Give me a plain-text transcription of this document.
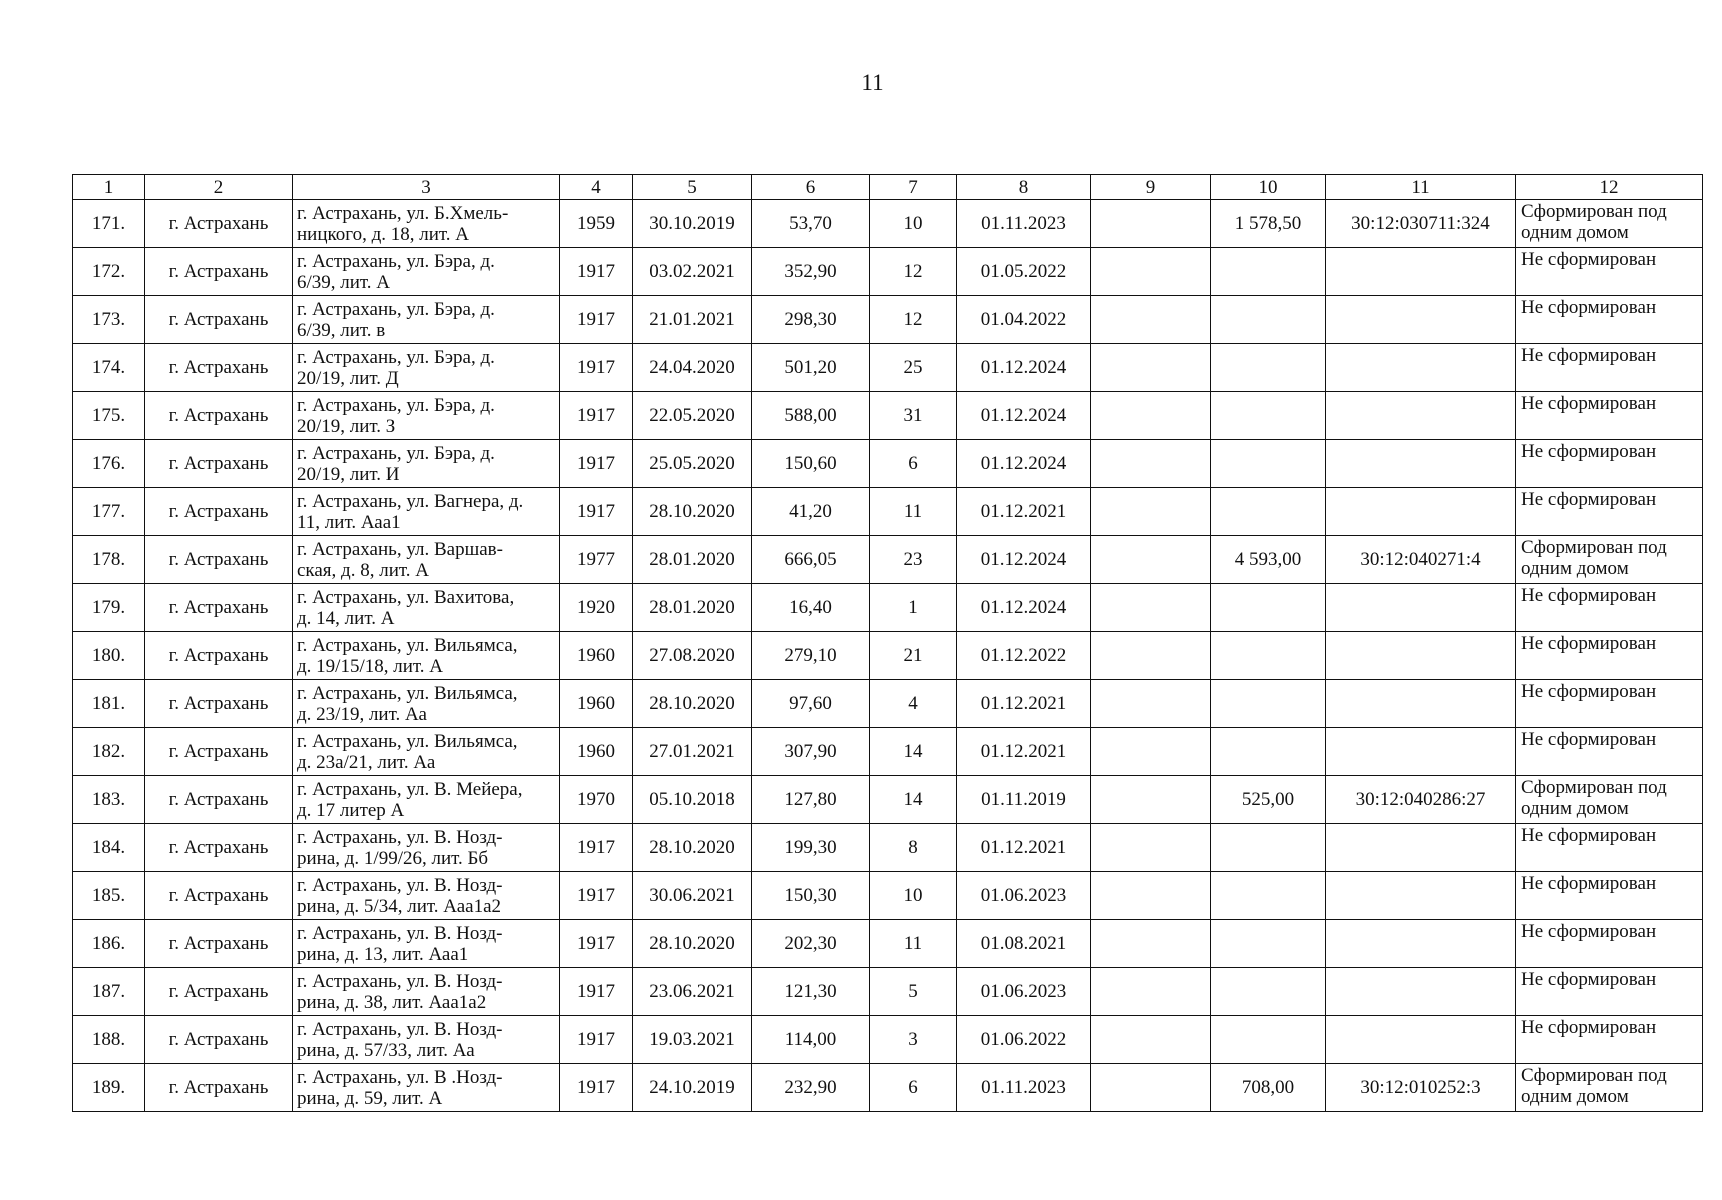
11
1	2	3	4	5	6	7	8	9	10	11	12
171.	г. Астрахань	г. Астрахань, ул. Б.Хмель-
ницкого, д. 18, лит. А	1959	30.10.2019	53,70	10	01.11.2023		1 578,50	30:12:030711:324	Сформирован под
одним домом
172.	г. Астрахань	г. Астрахань, ул. Бэра, д.
6/39, лит. А	1917	03.02.2021	352,90	12	01.05.2022				Не сформирован
173.	г. Астрахань	г. Астрахань, ул. Бэра, д.
6/39, лит. в	1917	21.01.2021	298,30	12	01.04.2022				Не сформирован
174.	г. Астрахань	г. Астрахань, ул. Бэра, д.
20/19, лит. Д	1917	24.04.2020	501,20	25	01.12.2024				Не сформирован
175.	г. Астрахань	г. Астрахань, ул. Бэра, д.
20/19, лит. З	1917	22.05.2020	588,00	31	01.12.2024				Не сформирован
176.	г. Астрахань	г. Астрахань, ул. Бэра, д.
20/19, лит. И	1917	25.05.2020	150,60	6	01.12.2024				Не сформирован
177.	г. Астрахань	г. Астрахань, ул. Вагнера, д.
11, лит. Ааа1	1917	28.10.2020	41,20	11	01.12.2021				Не сформирован
178.	г. Астрахань	г. Астрахань, ул. Варшав-
ская, д. 8, лит. А	1977	28.01.2020	666,05	23	01.12.2024		4 593,00	30:12:040271:4	Сформирован под
одним домом
179.	г. Астрахань	г. Астрахань, ул. Вахитова,
д. 14, лит. А	1920	28.01.2020	16,40	1	01.12.2024				Не сформирован
180.	г. Астрахань	г. Астрахань, ул. Вильямса,
д. 19/15/18, лит. А	1960	27.08.2020	279,10	21	01.12.2022				Не сформирован
181.	г. Астрахань	г. Астрахань, ул. Вильямса,
д. 23/19, лит. Аа	1960	28.10.2020	97,60	4	01.12.2021				Не сформирован
182.	г. Астрахань	г. Астрахань, ул. Вильямса,
д. 23а/21, лит. Аа	1960	27.01.2021	307,90	14	01.12.2021				Не сформирован
183.	г. Астрахань	г. Астрахань, ул. В. Мейера,
д. 17 литер А	1970	05.10.2018	127,80	14	01.11.2019		525,00	30:12:040286:27	Сформирован под
одним домом
184.	г. Астрахань	г. Астрахань, ул. В. Нозд-
рина, д. 1/99/26, лит. Бб	1917	28.10.2020	199,30	8	01.12.2021				Не сформирован
185.	г. Астрахань	г. Астрахань, ул. В. Нозд-
рина, д. 5/34, лит. Ааа1а2	1917	30.06.2021	150,30	10	01.06.2023				Не сформирован
186.	г. Астрахань	г. Астрахань, ул. В. Нозд-
рина, д. 13, лит. Ааа1	1917	28.10.2020	202,30	11	01.08.2021				Не сформирован
187.	г. Астрахань	г. Астрахань, ул. В. Нозд-
рина, д. 38, лит. Ааа1а2	1917	23.06.2021	121,30	5	01.06.2023				Не сформирован
188.	г. Астрахань	г. Астрахань, ул. В. Нозд-
рина, д. 57/33, лит. Аа	1917	19.03.2021	114,00	3	01.06.2022				Не сформирован
189.	г. Астрахань	г. Астрахань, ул. В .Нозд-
рина, д. 59, лит. А	1917	24.10.2019	232,90	6	01.11.2023		708,00	30:12:010252:3	Сформирован под
одним домом
